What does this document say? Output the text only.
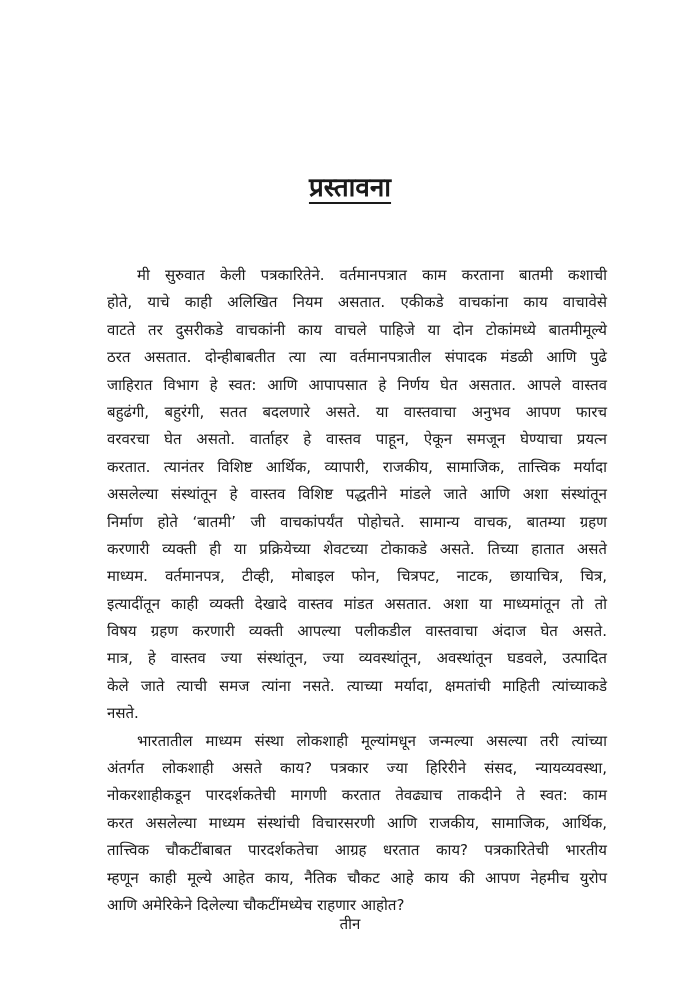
प्रस्तावना
मी सुरुवात केली पत्रकारितेने. वर्तमानपत्रात काम करताना बातमी कशाची
होते, याचे काही अलिखित नियम असतात. एकीकडे वाचकांना काय वाचावेसे
वाटते तर दुसरीकडे वाचकांनी काय वाचले पाहिजे या दोन टोकांमध्ये बातमीमूल्ये
ठरत असतात. दोन्हीबाबतीत त्या त्या वर्तमानपत्रातील संपादक मंडळी आणि पुढे
जाहिरात विभाग हे स्वत: आणि आपापसात हे निर्णय घेत असतात. आपले वास्तव
बहुढंगी, बहुरंगी, सतत बदलणारे असते. या वास्तवाचा अनुभव आपण फारच
वरवरचा घेत असतो. वार्ताहर हे वास्तव पाहून, ऐकून समजून घेण्याचा प्रयत्न
करतात. त्यानंतर विशिष्ट आर्थिक, व्यापारी, राजकीय, सामाजिक, तात्त्विक मर्यादा
असलेल्या संस्थांतून हे वास्तव विशिष्ट पद्धतीने मांडले जाते आणि अशा संस्थांतून
निर्माण होते ‘बातमी’ जी वाचकांपर्यंत पोहोचते. सामान्य वाचक, बातम्या ग्रहण
करणारी व्यक्ती ही या प्रक्रियेच्या शेवटच्या टोकाकडे असते. तिच्या हातात असते
माध्यम. वर्तमानपत्र, टीव्ही, मोबाइल फोन, चित्रपट, नाटक, छायाचित्र, चित्र,
इत्यादींतून काही व्यक्ती देखादे वास्तव मांडत असतात. अशा या माध्यमांतून तो तो
विषय ग्रहण करणारी व्यक्ती आपल्या पलीकडील वास्तवाचा अंदाज घेत असते.
मात्र, हे वास्तव ज्या संस्थांतून, ज्या व्यवस्थांतून, अवस्थांतून घडवले, उत्पादित
केले जाते त्याची समज त्यांना नसते. त्याच्या मर्यादा, क्षमतांची माहिती त्यांच्याकडे
नसते.
भारतातील माध्यम संस्था लोकशाही मूल्यांमधून जन्मल्या असल्या तरी त्यांच्या
अंतर्गत लोकशाही असते काय? पत्रकार ज्या हिरिरीने संसद, न्यायव्यवस्था,
नोकरशाहीकडून पारदर्शकतेची मागणी करतात तेवढ्याच ताकदीने ते स्वत: काम
करत असलेल्या माध्यम संस्थांची विचारसरणी आणि राजकीय, सामाजिक, आर्थिक,
तात्त्विक चौकटींबाबत पारदर्शकतेचा आग्रह धरतात काय? पत्रकारितेची भारतीय
म्हणून काही मूल्ये आहेत काय, नैतिक चौकट आहे काय की आपण नेहमीच युरोप
आणि अमेरिकेने दिलेल्या चौकटींमध्येच राहणार आहोत?
तीन
